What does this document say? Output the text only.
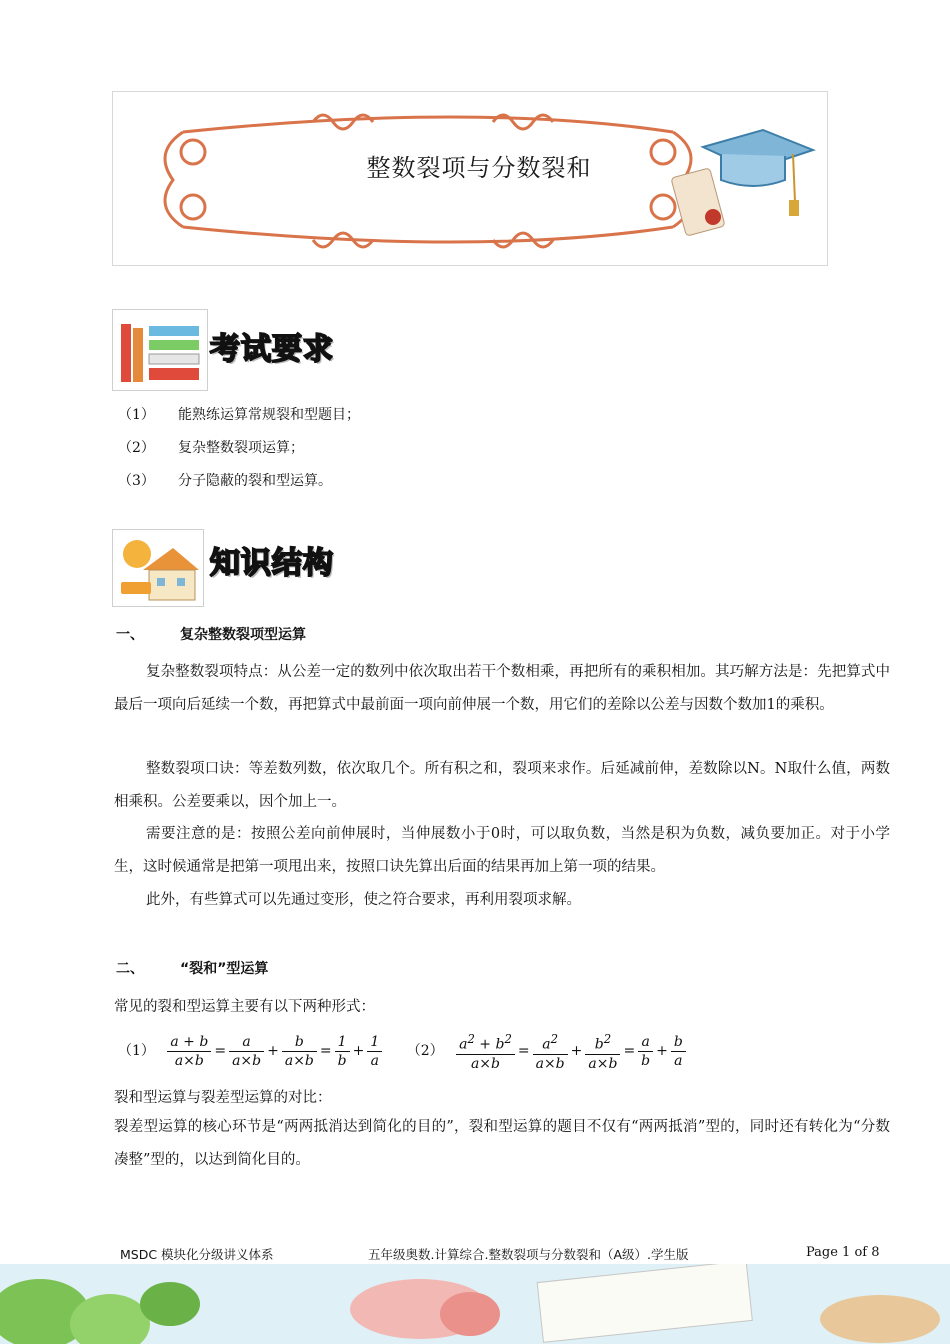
整数裂项与分数裂和
考试要求
（1） 能熟练运算常规裂和型题目；
（2） 复杂整数裂项运算；
（3） 分子隐蔽的裂和型运算。
知识结构
一、	复杂整数裂项型运算

复杂整数裂项特点：从公差一定的数列中依次取出若干个数相乘，再把所有的乘积相加。其巧解方法是：先把算式中最后一项向后延续一个数，再把算式中最前面一项向前伸展一个数，用它们的差除以公差与因数个数加1的乘积。

整数裂项口诀：等差数列数，依次取几个。所有积之和，裂项来求作。后延减前伸，差数除以N。N取什么值，两数相乘积。公差要乘以，因个加上一。

需要注意的是：按照公差向前伸展时，当伸展数小于0时，可以取负数，当然是积为负数，减负要加正。对于小学生，这时候通常是把第一项甩出来，按照口诀先算出后面的结果再加上第一项的结果。

此外，有些算式可以先通过变形，使之符合要求，再利用裂项求解。

二、	“裂和”型运算
常见的裂和型运算主要有以下两种形式：
$(1) \frac{a + b}{a\times b} = \frac{a}{a\times b} + \frac{b}{a\times b} = \frac{1}{b} + \frac{1}{a} (2) \frac{a^2 + b^2}{a\times b} = \frac{a^2}{a\times b} + \frac{b^2}{a\times b} = \frac{a}{b} + \frac{b}{a}$
裂和型运算与裂差型运算的对比：

裂差型运算的核心环节是“两两抵消达到简化的目的”，裂和型运算的题目不仅有“两两抵消”型的，同时还有转化为“分数凑整”型的，以达到简化目的。

MSDC 模块化分级讲义体系	五年级奥数.计算综合.整数裂项与分数裂和（A级）.学生版	Page 1 of 8
